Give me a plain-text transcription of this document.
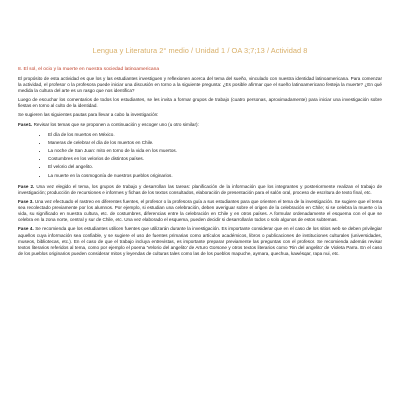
Lengua y Literatura 2° medio / Unidad 1 / OA 3;7;13 / Actividad 8
8. El sol, el ocio y la muerte en nuestra sociedad latinoamericana

El propósito de esta actividad es que los y las estudiantes investiguen y reflexionen acerca del tema del sueño, vinculado con nuestra identidad latinoamericana. Para comenzar la actividad, el profesor o la profesora puede iniciar una discusión en torno a la siguiente pregunta: ¿Es posible afirmar que el sueño latinoamericano festeja la muerte? ¿En qué medida la cultura del arte es un rasgo que nos identifica?

Luego de escuchar los comentarios de todos los estudiantes, se les invita a formar grupos de trabajo (cuatro personas, aproximadamente) para iniciar una investigación sobre fiestas en torno al culto de la identidad.

Se sugieren las siguientes pautas para llevar a cabo la investigación:

Fase1. Revisar los temas que se proponen a continuación y escoger uno (u otro similar):

• El día de los muertos en México.
• Maneras de celebrar el día de los muertos en Chile.
• La noche de San Juan: mito en torno de la vida en los muertos.
• Costumbres en los velorios de distintos países.
• El velorio del angelito.
• La muerte en la cosmogonía de nuestros pueblos originarios.

Fase 2. Una vez elegido el tema, los grupos de trabajo y desarrollan las tareas: planificación de la información que los integrantes y posteriormente realizan el trabajo de investigación; producción de recursiones e informes y fichas de los textos consultados, elaboración de presentación para el salón oral, proceso de escritura de texto final, etc.

Fase 3. Una vez efectuado el rastreo en diferentes fuentes, el profesor o la profesora guía a sus estudiantes para que orienten el tema de la investigación. Se sugiere que el tema sea recolectado previamente por los alumnos. Por ejemplo, si estudian una celebración, deben averiguar sobre el origen de la celebración en Chile; si se celebra la muerte o la vida, su significado en nuestra cultura, etc. de costumbres, diferencias entre la celebración en Chile y en otros países. A formular ordenadamente el esquema con el que se celebra en la zona norte, central y sur de Chile, etc. Una vez elaborado el esquema, pueden decidir si desarrollarán todos o solo algunos de estos subtemas.

Fase 4. Se recomienda que los estudiantes utilicen fuentes que utilizarán durante la investigación. Es importante considerar que en el caso de los sitios web se deben privilegiar aquellos cuya información sea confiable, y se sugiere el uso de fuentes primarias como artículos académicos, libros o publicaciones de instituciones culturales (universidades, museos, bibliotecas, etc.). En el caso de que el trabajo incluya entrevistas, es importante preparar previamente las preguntas con el profesor. Se recomienda además revisar textos literarios referidos al tema, como por ejemplo el poema 'Velorio del angelito' de Arturo Gorsone y otros textos literarios como 'Rin del angelito' de Violeta Parra. En el caso de los pueblos originarios pueden considerar mitos y leyendas de culturas tales como las de los pueblos mapuche, aymara, quechua, kawésqar, rapa nui, etc.
